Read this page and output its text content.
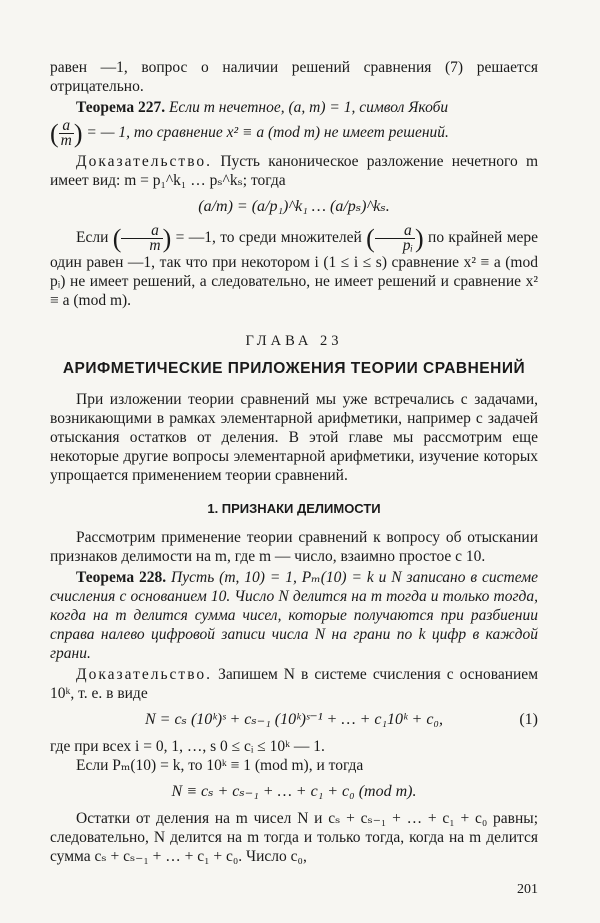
равен —1, вопрос о наличии решений сравнения (7) решается отрицательно.

Теорема 227. Если m нечетное, (a, m) = 1, символ Якоби

( $\frac{a}{m}$ ) = — 1, то сравнение x² ≡ a (mod m) не имеет решений.

Доказательство. Пусть каноническое разложение нечетного m имеет вид: m = p₁^k₁ … pₛ^kₛ; тогда

(a/m) = (a/p₁)^k₁ … (a/pₛ)^kₛ.

Если ( $\frac{a}{m}$ ) = —1, то среди множителей ( $\frac{a}{\text{pᵢ}}$ ) по крайней мере один равен —1, так что при некотором i (1 ≤ i ≤ s) сравнение x² ≡ a (mod pᵢ) не имеет решений, а следовательно, не имеет решений и сравнение x² ≡ a (mod m).

ГЛАВА 23
АРИФМЕТИЧЕСКИЕ ПРИЛОЖЕНИЯ ТЕОРИИ СРАВНЕНИЙ

При изложении теории сравнений мы уже встречались с задачами, возникающими в рамках элементарной арифметики, например с задачей отыскания остатков от деления. В этой главе мы рассмотрим еще некоторые другие вопросы элементарной арифметики, изучение которых упрощается применением теории сравнений.

1. ПРИЗНАКИ ДЕЛИМОСТИ

Рассмотрим применение теории сравнений к вопросу об отыскании признаков делимости на m, где m — число, взаимно простое с 10.

Теорема 228. Пусть (m, 10) = 1, Pₘ(10) = k и N записано в системе счисления с основанием 10. Число N делится на m тогда и только тогда, когда на m делится сумма чисел, которые получаются при разбиении справа налево цифровой записи числа N на грани по k цифр в каждой грани.

Доказательство. Запишем N в системе счисления с основанием 10ᵏ, т. е. в виде

N = cₛ (10ᵏ)ˢ + cₛ₋₁ (10ᵏ)ˢ⁻¹ + … + c₁10ᵏ + c₀,	(1)

где при всех i = 0, 1, …, s 0 ≤ cᵢ ≤ 10ᵏ — 1.

Если Pₘ(10) = k, то 10ᵏ ≡ 1 (mod m), и тогда

N ≡ cₛ + cₛ₋₁ + … + c₁ + c₀ (mod m).

Остатки от деления на m чисел N и cₛ + cₛ₋₁ + … + c₁ + c₀ равны; следовательно, N делится на m тогда и только тогда, когда на m делится сумма cₛ + cₛ₋₁ + … + c₁ + c₀. Число c₀,

201
